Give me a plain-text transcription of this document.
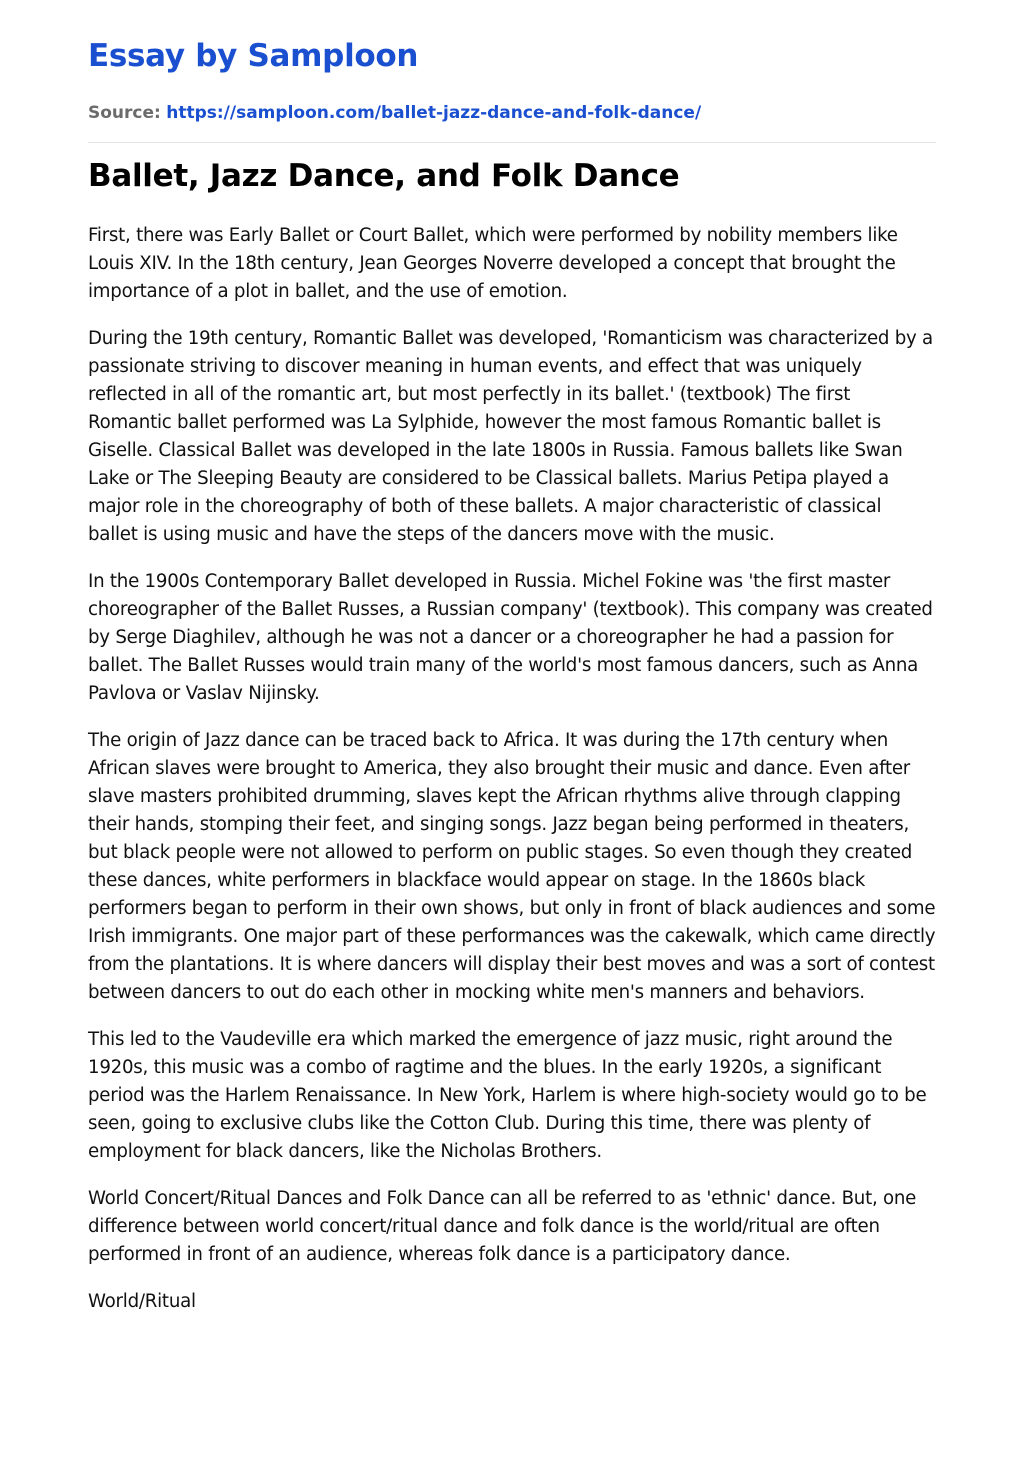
Essay by Samploon
Source: https://samploon.com/ballet-jazz-dance-and-folk-dance/
Ballet, Jazz Dance, and Folk Dance

First, there was Early Ballet or Court Ballet, which were performed by nobility members like Louis XIV. In the 18th century, Jean Georges Noverre developed a concept that brought the importance of a plot in ballet, and the use of emotion.

During the 19th century, Romantic Ballet was developed, 'Romanticism was characterized by a passionate striving to discover meaning in human events, and effect that was uniquely reflected in all of the romantic art, but most perfectly in its ballet.' (textbook) The first Romantic ballet performed was La Sylphide, however the most famous Romantic ballet is Giselle. Classical Ballet was developed in the late 1800s in Russia. Famous ballets like Swan Lake or The Sleeping Beauty are considered to be Classical ballets. Marius Petipa played a major role in the choreography of both of these ballets. A major characteristic of classical ballet is using music and have the steps of the dancers move with the music.

In the 1900s Contemporary Ballet developed in Russia. Michel Fokine was 'the first master choreographer of the Ballet Russes, a Russian company' (textbook). This company was created by Serge Diaghilev, although he was not a dancer or a choreographer he had a passion for ballet. The Ballet Russes would train many of the world's most famous dancers, such as Anna Pavlova or Vaslav Nijinsky.

The origin of Jazz dance can be traced back to Africa. It was during the 17th century when African slaves were brought to America, they also brought their music and dance. Even after slave masters prohibited drumming, slaves kept the African rhythms alive through clapping their hands, stomping their feet, and singing songs. Jazz began being performed in theaters, but black people were not allowed to perform on public stages. So even though they created these dances, white performers in blackface would appear on stage. In the 1860s black performers began to perform in their own shows, but only in front of black audiences and some Irish immigrants. One major part of these performances was the cakewalk, which came directly from the plantations. It is where dancers will display their best moves and was a sort of contest between dancers to out do each other in mocking white men's manners and behaviors.

This led to the Vaudeville era which marked the emergence of jazz music, right around the 1920s, this music was a combo of ragtime and the blues. In the early 1920s, a significant period was the Harlem Renaissance. In New York, Harlem is where high-society would go to be seen, going to exclusive clubs like the Cotton Club. During this time, there was plenty of employment for black dancers, like the Nicholas Brothers.

World Concert/Ritual Dances and Folk Dance can all be referred to as 'ethnic' dance. But, one difference between world concert/ritual dance and folk dance is the world/ritual are often performed in front of an audience, whereas folk dance is a participatory dance.

World/Ritual
